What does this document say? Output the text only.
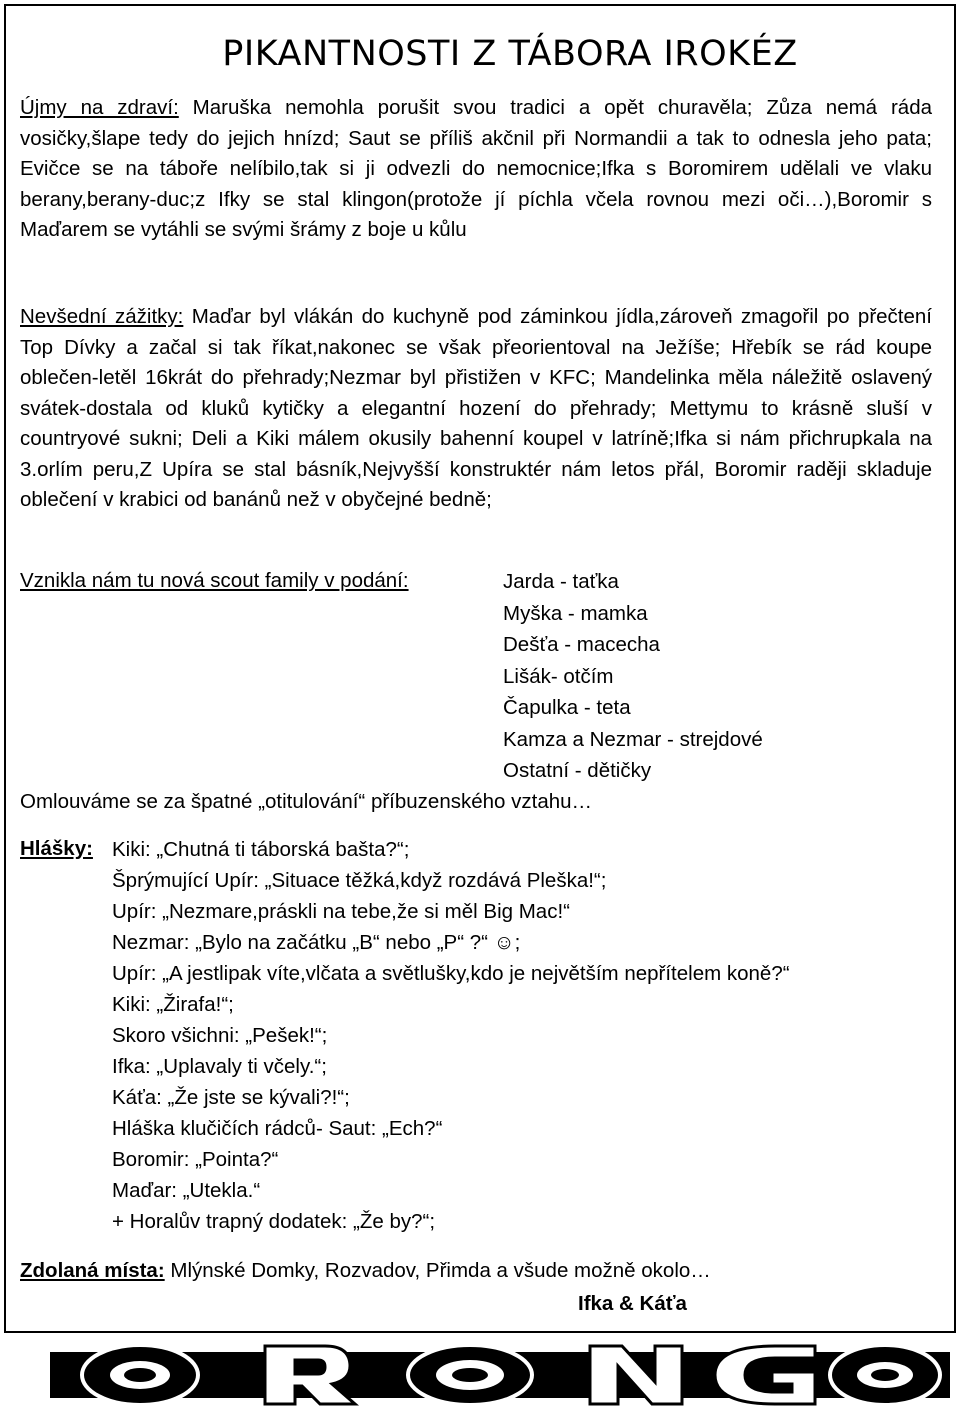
PIKANTNOSTI Z TÁBORA IROKÉZ
Újmy na zdraví: Maruška nemohla porušit svou tradici a opět churavěla; Zůza nemá ráda vosičky,šlape tedy do jejich hnízd; Saut se příliš akčnil při Normandii a tak to odnesla jeho pata; Evičce se na táboře nelíbilo,tak si ji odvezli do nemocnice;Ifka s Boromirem udělali ve vlaku berany,berany-duc;z Ifky se stal klingon(protože jí píchla včela rovnou mezi oči…),Boromir s Maďarem se vytáhli se svými šrámy z boje u kůlu
Nevšední zážitky: Maďar byl vlákán do kuchyně pod záminkou jídla,zároveň zmagořil po přečtení Top Dívky a začal si tak říkat,nakonec se však přeorientoval na Ježíše; Hřebík se rád koupe oblečen-letěl 16krát do přehrady;Nezmar byl přistižen v KFC; Mandelinka měla náležitě oslavený svátek-dostala od kluků kytičky a elegantní hození do přehrady; Mettymu to krásně sluší v countryové sukni; Deli a Kiki málem okusily bahenní koupel v latríně;Ifka si nám přichrupkala na 3.orlím peru,Z Upíra se stal básník,Nejvyšší konstruktér nám letos přál, Boromir raději skladuje oblečení v krabici od banánů než v obyčejné bedně;
Vznikla nám tu nová scout family v podání:	Jarda - taťka
Myška - mamka
Dešťa - macecha
Lišák- otčím
Čapulka - teta
Kamza a Nezmar - strejdové
Ostatní - dětičky
Omlouváme se za špatné „otitulování“ příbuzenského vztahu…
Hlášky: Kiki: „Chutná ti táborská bašta?“;
Šprýmující Upír: „Situace těžká,když rozdává Pleška!“;
Upír: „Nezmare,práskli na tebe,že si měl Big Mac!“
Nezmar: „Bylo na začátku „B“ nebo „P“ ?“ ☺;
Upír: „A jestlipak víte,vlčata a světlušky,kdo je největším nepřítelem koně?“
Kiki: „Žirafa!“;
Skoro všichni: „Pešek!“;
Ifka: „Uplavaly ti včely.“;
Káťa: „Že jste se kývali?!“;
Hláška klučičích rádců- Saut: „Ech?“
Boromir: „Pointa?“
Maďar: „Utekla.“
+ Horalův trapný dodatek: „Že by?“;
Zdolaná místa: Mlýnské Domky, Rozvadov, Přimda a všude možně okolo…
Ifka & Káťa
